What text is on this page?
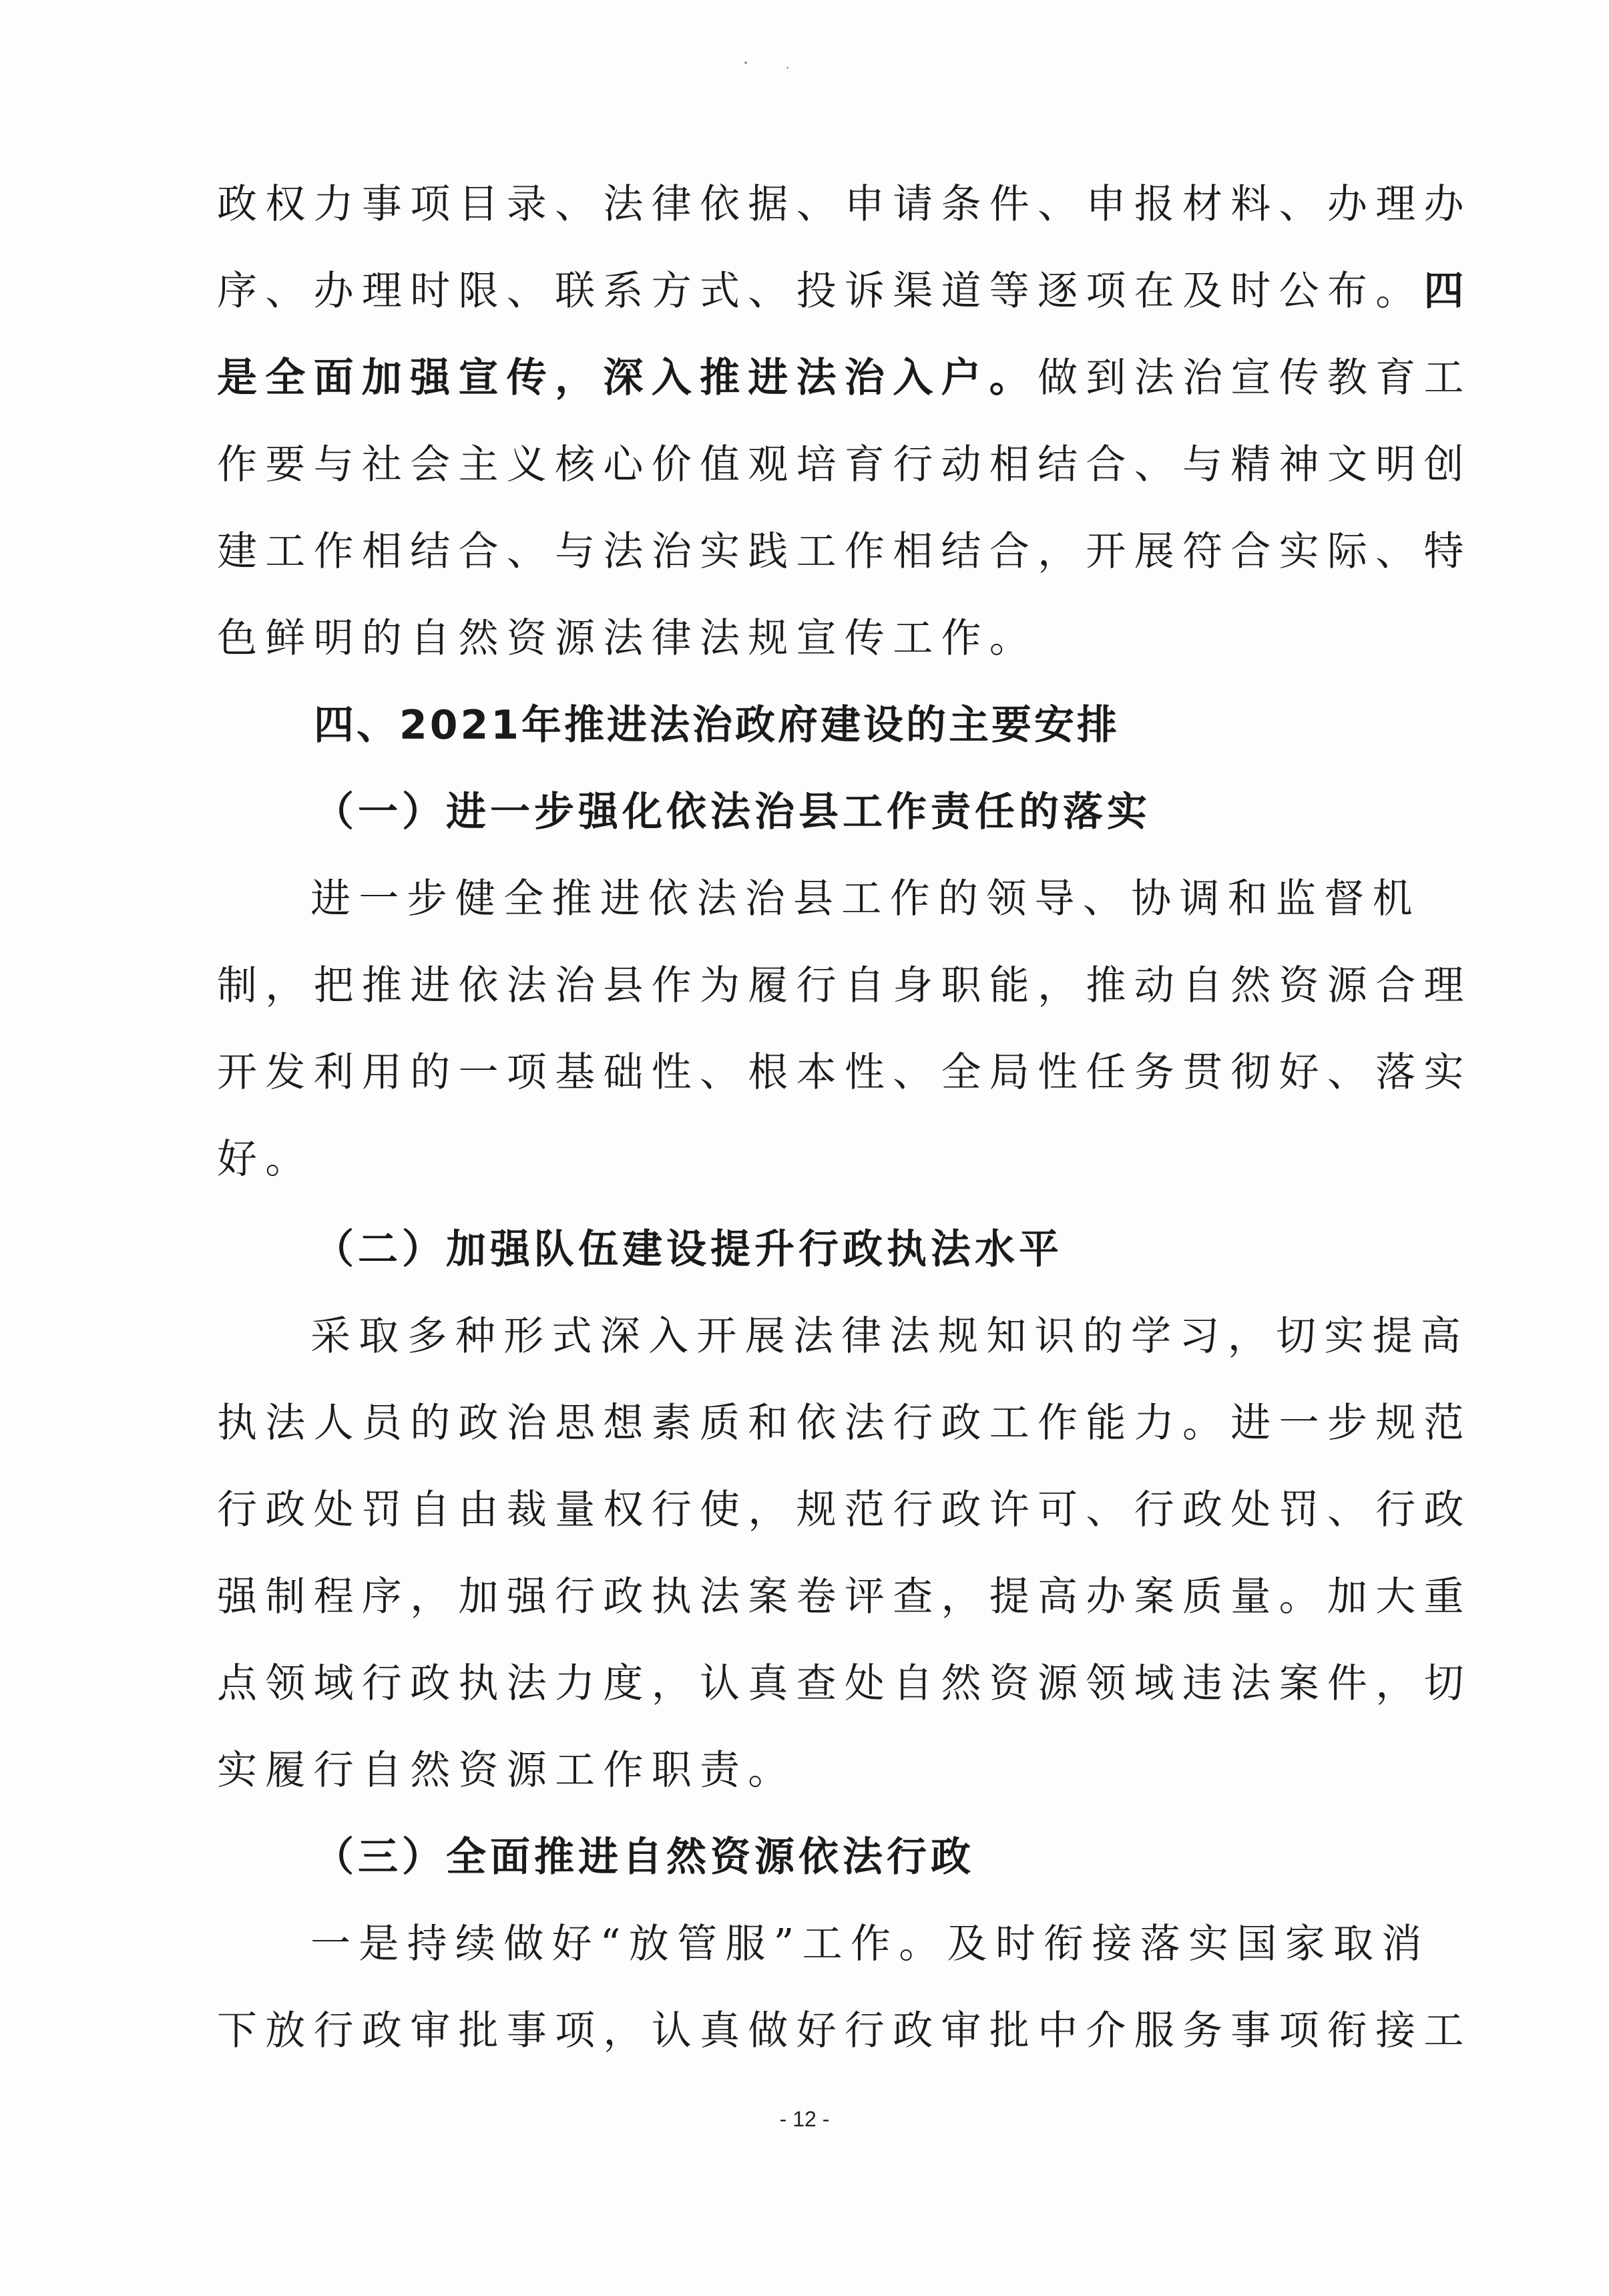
政权力事项目录、法律依据、申请条件、申报材料、办理办
序、办理时限、联系方式、投诉渠道等逐项在及时公布。四
是全面加强宣传，深入推进法治入户。做到法治宣传教育工
作要与社会主义核心价值观培育行动相结合、与精神文明创
建工作相结合、与法治实践工作相结合，开展符合实际、特
色鲜明的自然资源法律法规宣传工作。
四、2021年推进法治政府建设的主要安排
（一）进一步强化依法治县工作责任的落实
进一步健全推进依法治县工作的领导、协调和监督机
制，把推进依法治县作为履行自身职能，推动自然资源合理
开发利用的一项基础性、根本性、全局性任务贯彻好、落实
好。
（二）加强队伍建设提升行政执法水平
采取多种形式深入开展法律法规知识的学习，切实提高
执法人员的政治思想素质和依法行政工作能力。进一步规范
行政处罚自由裁量权行使，规范行政许可、行政处罚、行政
强制程序，加强行政执法案卷评查，提高办案质量。加大重
点领域行政执法力度，认真查处自然资源领域违法案件，切
实履行自然资源工作职责。
（三）全面推进自然资源依法行政
一是持续做好“放管服”工作。及时衔接落实国家取消
下放行政审批事项，认真做好行政审批中介服务事项衔接工
- 12 -
